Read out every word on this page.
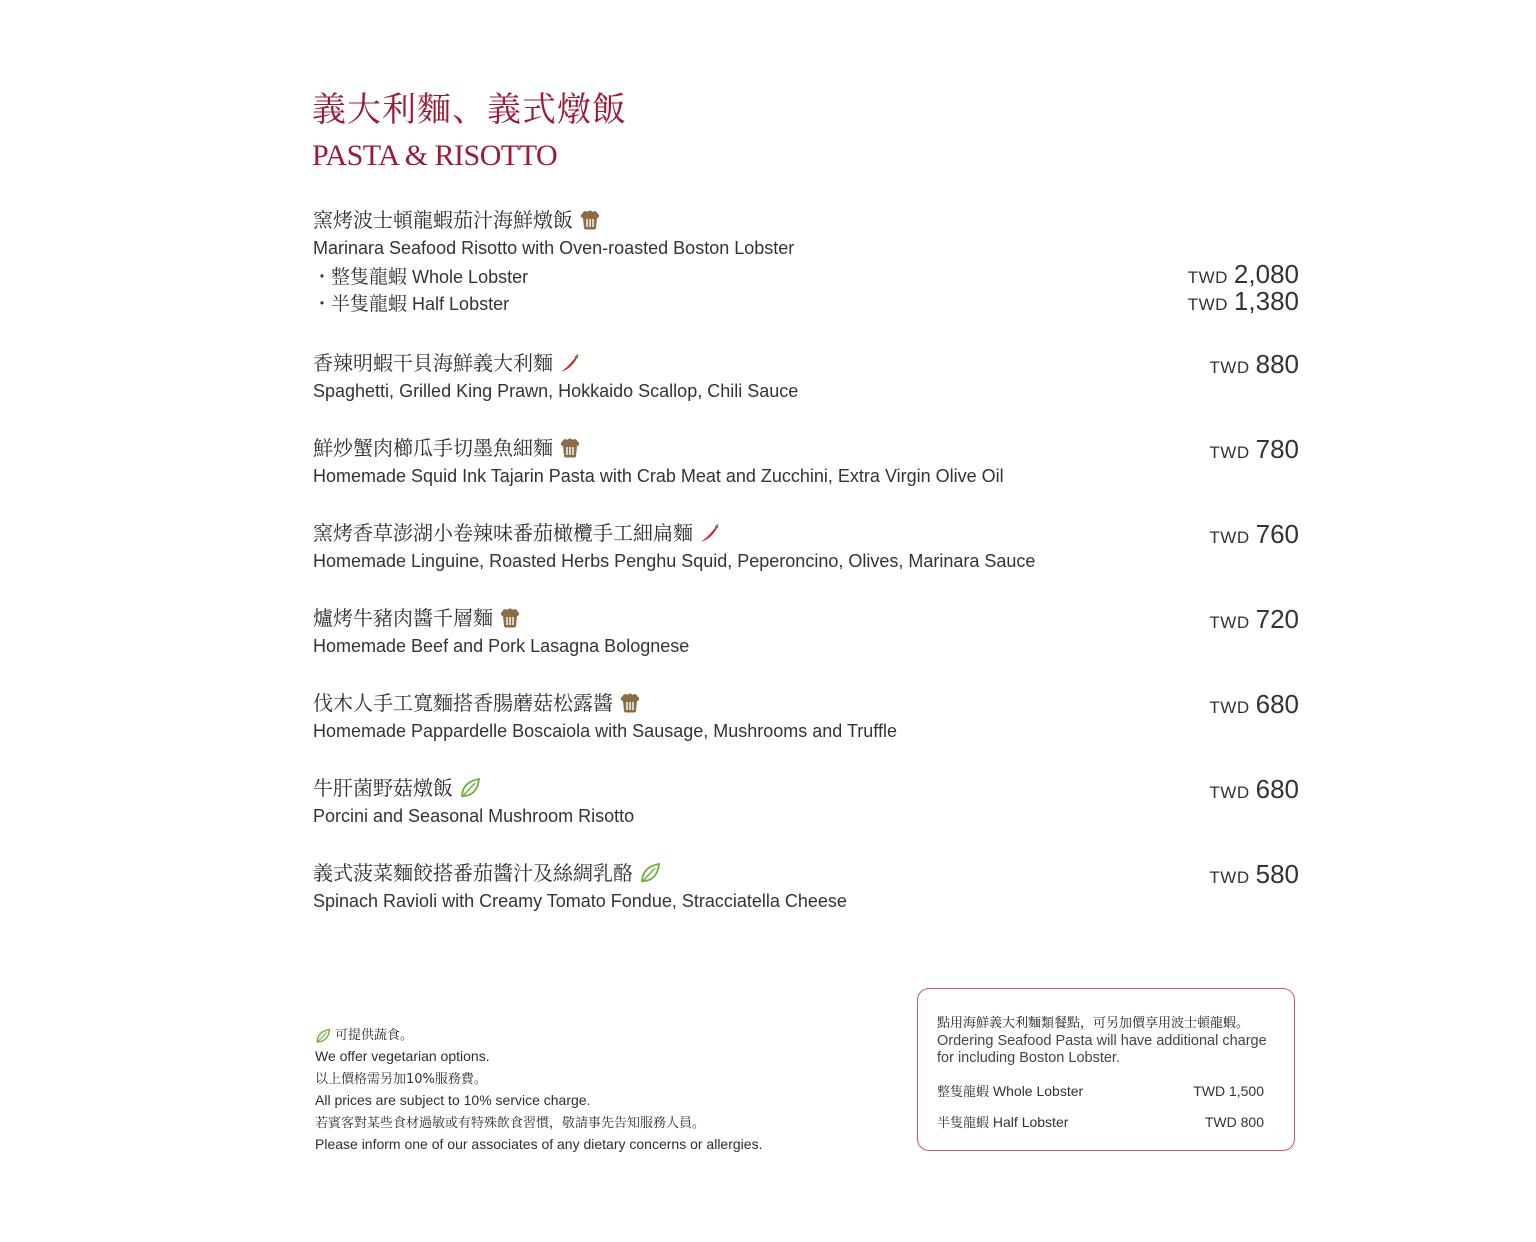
義大利麵、義式燉飯
PASTA & RISOTTO
窯烤波士頓龍蝦茄汁海鮮燉飯
Marinara Seafood Risotto with Oven-roasted Boston Lobster
・整隻龍蝦 Whole Lobster	TWD 2,080
・半隻龍蝦 Half Lobster	TWD 1,380
香辣明蝦干貝海鮮義大利麵
Spaghetti, Grilled King Prawn, Hokkaido Scallop, Chili Sauce
TWD 880
鮮炒蟹肉櫛瓜手切墨魚細麵
Homemade Squid Ink Tajarin Pasta with Crab Meat and Zucchini, Extra Virgin Olive Oil
TWD 780
窯烤香草澎湖小卷辣味番茄橄欖手工細扁麵
Homemade Linguine, Roasted Herbs Penghu Squid, Peperoncino, Olives, Marinara Sauce
TWD 760
爐烤牛豬肉醬千層麵
Homemade Beef and Pork Lasagna Bolognese
TWD 720
伐木人手工寬麵搭香腸蘑菇松露醬
Homemade Pappardelle Boscaiola with Sausage, Mushrooms and Truffle
TWD 680
牛肝菌野菇燉飯
Porcini and Seasonal Mushroom Risotto
TWD 680
義式菠菜麵餃搭番茄醬汁及絲綢乳酪
Spinach Ravioli with Creamy Tomato Fondue, Stracciatella Cheese
TWD 580
可提供蔬食。
We offer vegetarian options.
以上價格需另加10%服務費。
All prices are subject to 10% service charge.
若賓客對某些食材過敏或有特殊飲食習慣，敬請事先告知服務人員。
Please inform one of our associates of any dietary concerns or allergies.
點用海鮮義大利麵類餐點，可另加價享用波士頓龍蝦。
Ordering Seafood Pasta will have additional charge for including Boston Lobster.
整隻龍蝦 Whole Lobster	TWD 1,500
半隻龍蝦 Half Lobster	TWD 800
